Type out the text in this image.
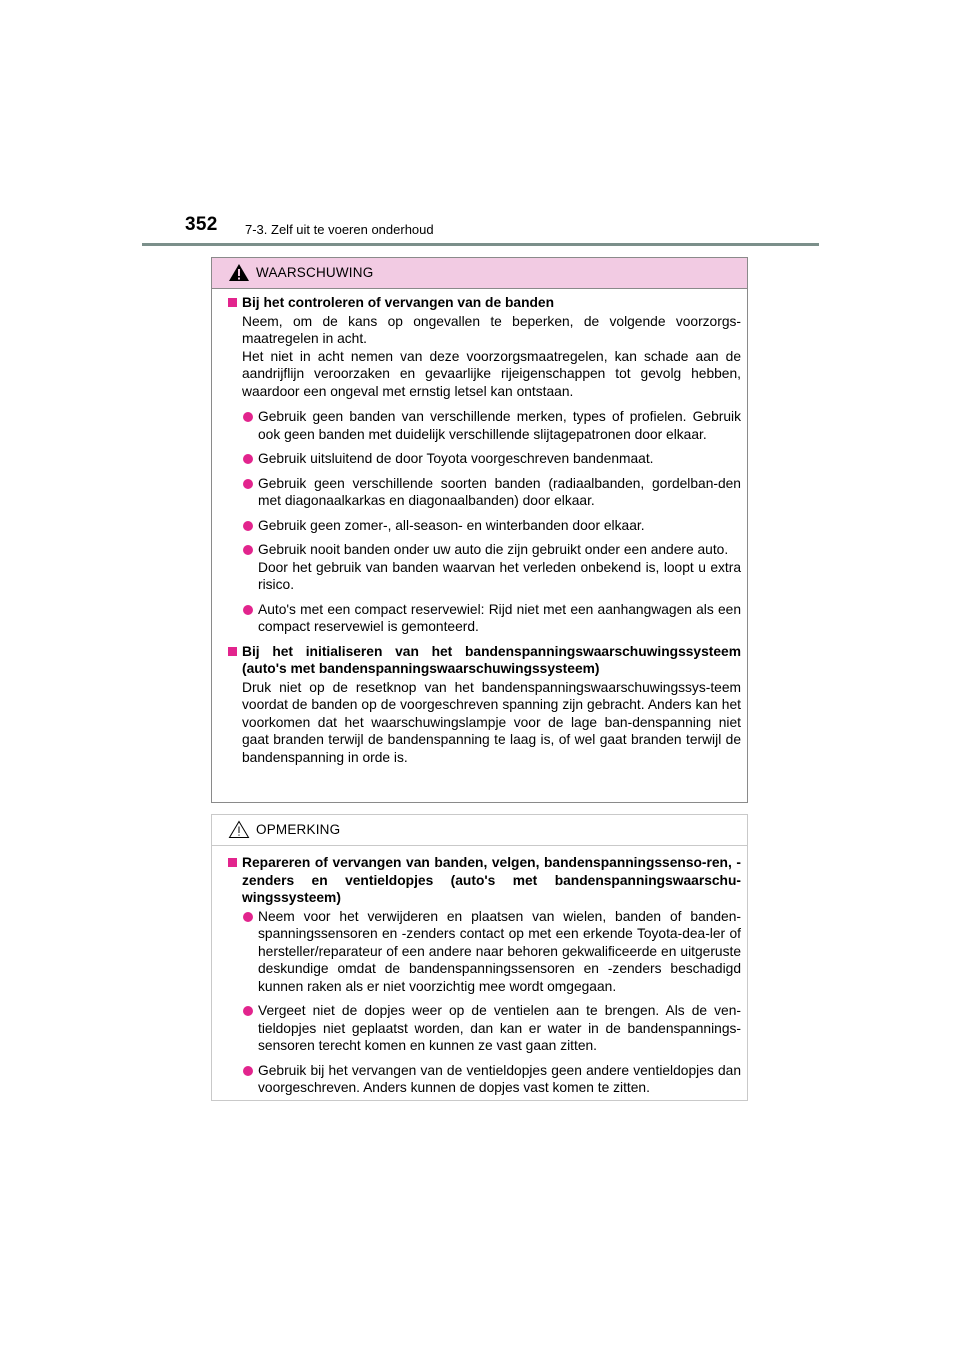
352 7-3. Zelf uit te voeren onderhoud
WAARSCHUWING
Bij het controleren of vervangen van de banden
Neem, om de kans op ongevallen te beperken, de volgende voorzorgs-maatregelen in acht.
Het niet in acht nemen van deze voorzorgsmaatregelen, kan schade aan de aandrijflijn veroorzaken en gevaarlijke rijeigenschappen tot gevolg hebben, waardoor een ongeval met ernstig letsel kan ontstaan.
Gebruik geen banden van verschillende merken, types of profielen. Gebruik ook geen banden met duidelijk verschillende slijtagepatronen door elkaar.
Gebruik uitsluitend de door Toyota voorgeschreven bandenmaat.
Gebruik geen verschillende soorten banden (radiaalbanden, gordelban-den met diagonaalkarkas en diagonaalbanden) door elkaar.
Gebruik geen zomer-, all-season- en winterbanden door elkaar.
Gebruik nooit banden onder uw auto die zijn gebruikt onder een andere auto.
Door het gebruik van banden waarvan het verleden onbekend is, loopt u extra risico.
Auto's met een compact reservewiel: Rijd niet met een aanhangwagen als een compact reservewiel is gemonteerd.
Bij het initialiseren van het bandenspanningswaarschuwingssysteem (auto's met bandenspanningswaarschuwingssysteem)
Druk niet op de resetknop van het bandenspanningswaarschuwingssys-teem voordat de banden op de voorgeschreven spanning zijn gebracht. Anders kan het voorkomen dat het waarschuwingslampje voor de lage ban-denspanning niet gaat branden terwijl de bandenspanning te laag is, of wel gaat branden terwijl de bandenspanning in orde is.
OPMERKING
Repareren of vervangen van banden, velgen, bandenspanningssenso-ren, -zenders en ventieldopjes (auto's met bandenspanningswaarschu-wingssysteem)
Neem voor het verwijderen en plaatsen van wielen, banden of banden-spanningssensoren en -zenders contact op met een erkende Toyota-dea-ler of hersteller/reparateur of een andere naar behoren gekwalificeerde en uitgeruste deskundige omdat de bandenspanningssensoren en -zenders beschadigd kunnen raken als er niet voorzichtig mee wordt omgegaan.
Vergeet niet de dopjes weer op de ventielen aan te brengen. Als de ven-tieldopjes niet geplaatst worden, dan kan er water in de bandenspannings-sensoren terecht komen en kunnen ze vast gaan zitten.
Gebruik bij het vervangen van de ventieldopjes geen andere ventieldopjes dan voorgeschreven. Anders kunnen de dopjes vast komen te zitten.
